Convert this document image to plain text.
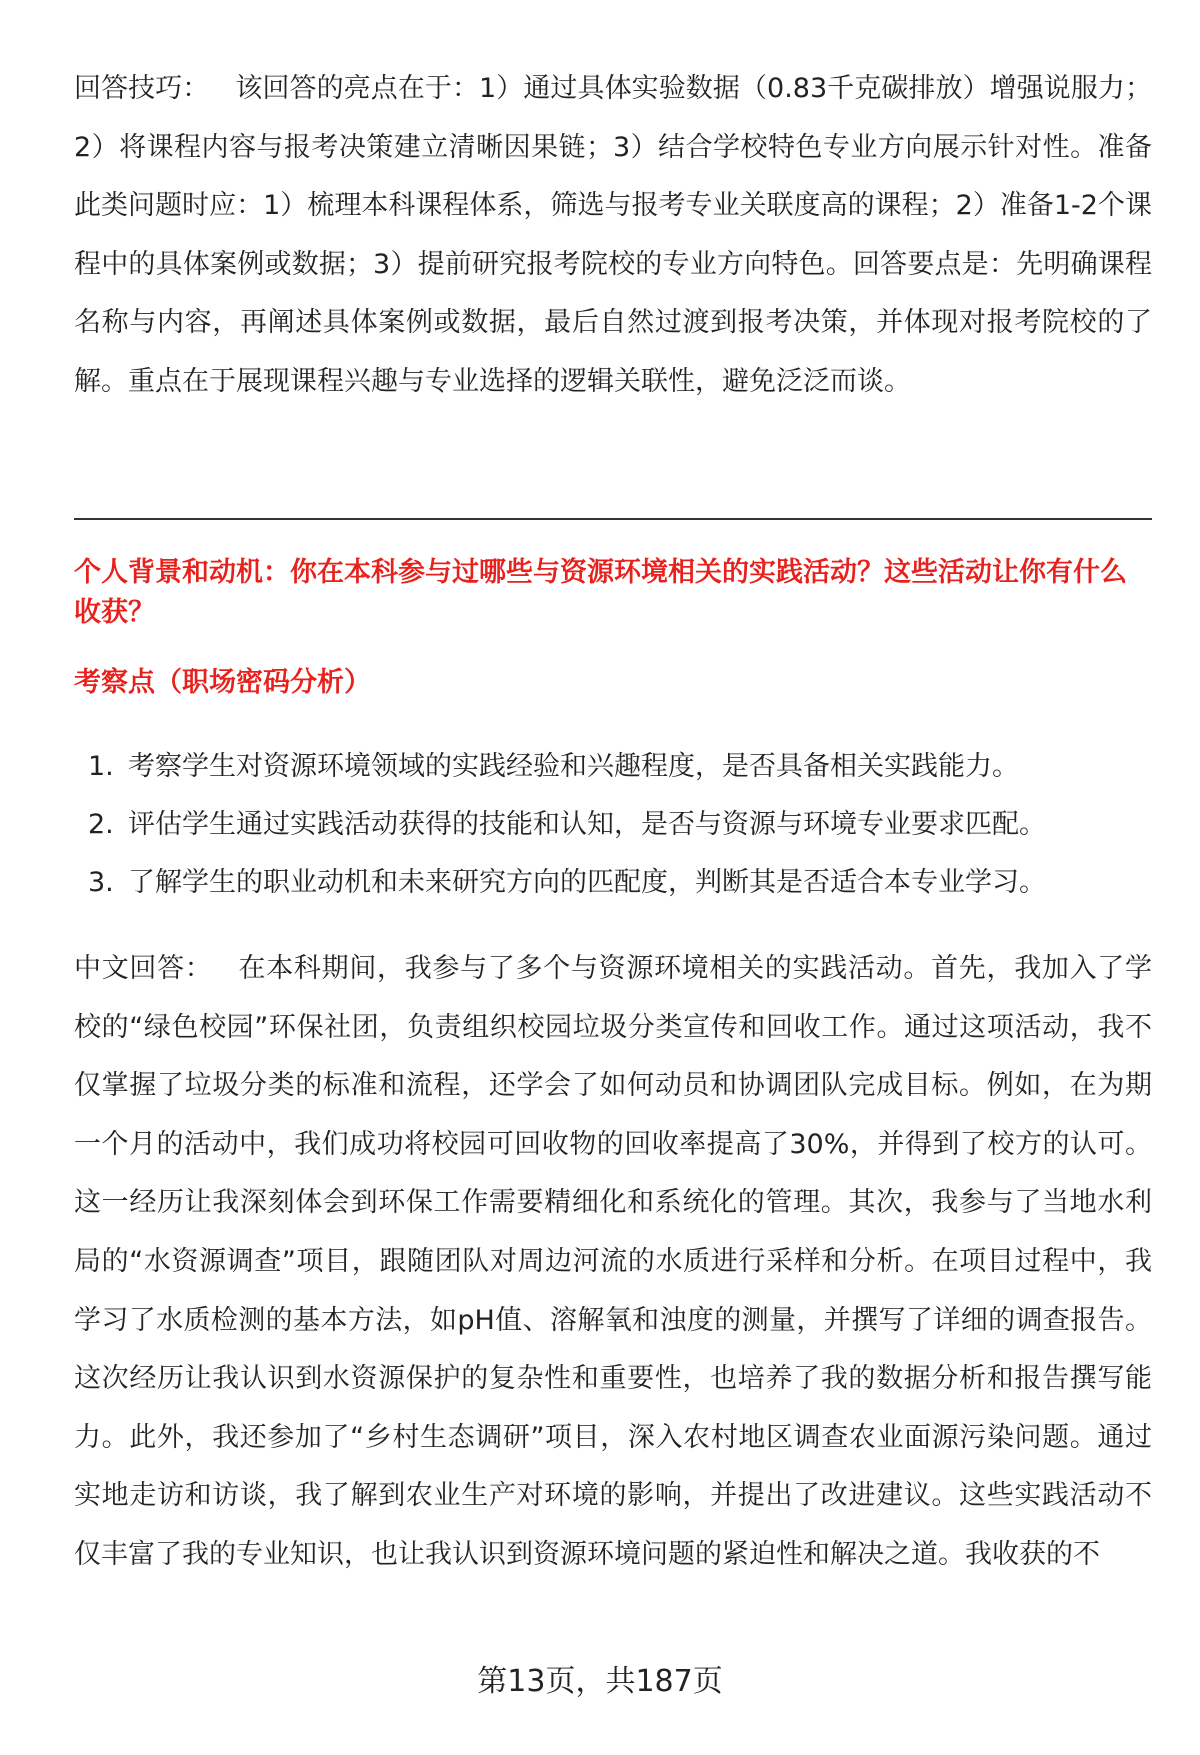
回答技巧： 该回答的亮点在于：1）通过具体实验数据（0.83千克碳排放）增强说服力；2）将课程内容与报考决策建立清晰因果链；3）结合学校特色专业方向展示针对性。准备此类问题时应：1）梳理本科课程体系，筛选与报考专业关联度高的课程；2）准备1-2个课程中的具体案例或数据；3）提前研究报考院校的专业方向特色。回答要点是：先明确课程名称与内容，再阐述具体案例或数据，最后自然过渡到报考决策，并体现对报考院校的了解。重点在于展现课程兴趣与专业选择的逻辑关联性，避免泛泛而谈。

个人背景和动机：你在本科参与过哪些与资源环境相关的实践活动？这些活动让你有什么收获？
考察点（职场密码分析）
1. 考察学生对资源环境领域的实践经验和兴趣程度，是否具备相关实践能力。
2. 评估学生通过实践活动获得的技能和认知，是否与资源与环境专业要求匹配。
3. 了解学生的职业动机和未来研究方向的匹配度，判断其是否适合本专业学习。

中文回答： 在本科期间，我参与了多个与资源环境相关的实践活动。首先，我加入了学校的“绿色校园”环保社团，负责组织校园垃圾分类宣传和回收工作。通过这项活动，我不仅掌握了垃圾分类的标准和流程，还学会了如何动员和协调团队完成目标。例如，在为期一个月的活动中，我们成功将校园可回收物的回收率提高了30%，并得到了校方的认可。这一经历让我深刻体会到环保工作需要精细化和系统化的管理。其次，我参与了当地水利局的“水资源调查”项目，跟随团队对周边河流的水质进行采样和分析。在项目过程中，我学习了水质检测的基本方法，如pH值、溶解氧和浊度的测量，并撰写了详细的调查报告。这次经历让我认识到水资源保护的复杂性和重要性，也培养了我的数据分析和报告撰写能力。此外，我还参加了“乡村生态调研”项目，深入农村地区调查农业面源污染问题。通过实地走访和访谈，我了解到农业生产对环境的影响，并提出了改进建议。这些实践活动不仅丰富了我的专业知识，也让我认识到资源环境问题的紧迫性和解决之道。我收获的不

第13页，共187页
